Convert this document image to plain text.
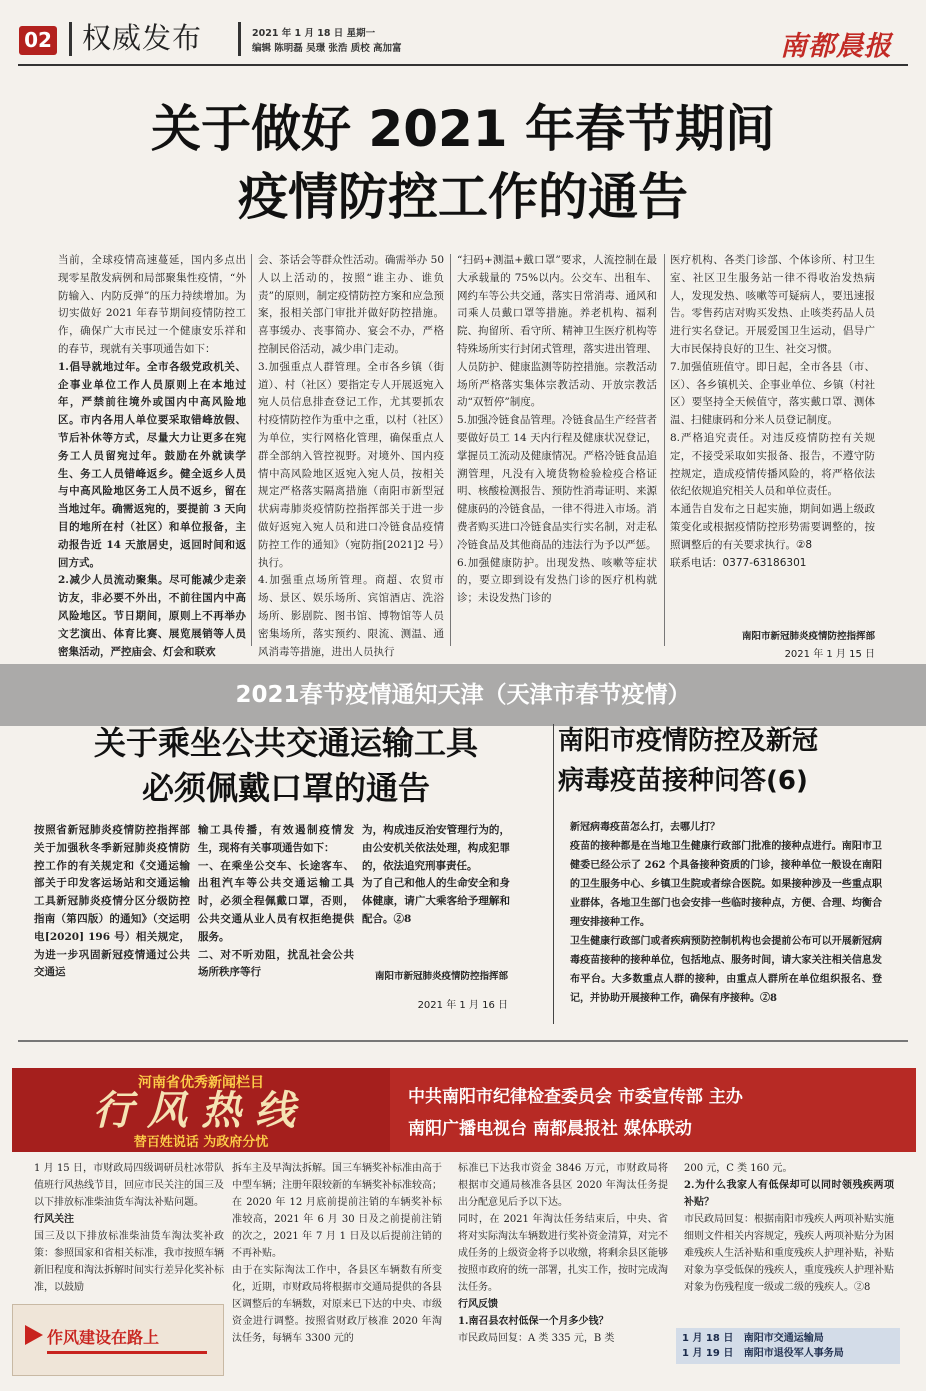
02 权威发布	2021 年 1 月 18 日 星期一
编辑 陈明磊 吴璟 张浩 质校 高加富	南都晨报
关于做好 2021 年春节期间
疫情防控工作的通告

当前，全球疫情高速蔓延，国内多点出现零星散发病例和局部聚集性疫情，“外防输入、内防反弹”的压力持续增加。为切实做好 2021 年春节期间疫情防控工作，确保广大市民过一个健康安乐祥和的春节，现就有关事项通告如下：

1.倡导就地过年。全市各级党政机关、企事业单位工作人员原则上在本地过年，严禁前往境外或国内中高风险地区。市内各用人单位要采取错峰放假、节后补休等方式，尽量大力让更多在宛务工人员留宛过年。鼓励在外就读学生、务工人员错峰返乡。健全返乡人员与中高风险地区务工人员不返乡，留在当地过年。确需返宛的，要提前 3 天向目的地所在村（社区）和单位报备，主动报告近 14 天旅居史，返回时间和返回方式。

2.减少人员流动聚集。尽可能减少走亲访友，非必要不外出，不前往国内中高风险地区。节日期间，原则上不再举办文艺演出、体育比赛、展览展销等人员密集活动，严控庙会、灯会和联欢

会、茶话会等群众性活动。确需举办 50 人以上活动的，按照“谁主办、谁负责”的原则，制定疫情防控方案和应急预案，报相关部门审批并做好防控措施。喜事缓办、丧事简办、宴会不办，严格控制民俗活动，减少串门走动。

3.加强重点人群管理。全市各乡镇（街道）、村（社区）要指定专人开展返宛入宛人员信息排查登记工作，尤其要抓农村疫情防控作为重中之重，以村（社区）为单位，实行网格化管理，确保重点人群全部纳入管控视野。对境外、国内疫情中高风险地区返宛入宛人员，按相关规定严格落实隔离措施（南阳市新型冠状病毒肺炎疫情防控指挥部关于进一步做好返宛入宛人员和进口冷链食品疫情防控工作的通知》（宛防指[2021]2 号）执行。

4.加强重点场所管理。商超、农贸市场、景区、娱乐场所、宾馆酒店、洗浴场所、影剧院、图书馆、博物馆等人员密集场所，落实预约、限流、测温、通风消毒等措施，进出人员执行

“扫码+测温+戴口罩”要求，人流控制在最大承载量的 75%以内。公交车、出租车、网约车等公共交通，落实日常消毒、通风和司乘人员戴口罩等措施。养老机构、福利院、拘留所、看守所、精神卫生医疗机构等特殊场所实行封闭式管理，落实进出管理、人员防护、健康监测等防控措施。宗教活动场所严格落实集体宗教活动、开放宗教活动“双暂停”制度。

5.加强冷链食品管理。冷链食品生产经营者要做好员工 14 天内行程及健康状况登记，掌握员工流动及健康情况。严格冷链食品追溯管理，凡没有入境货物检验检疫合格证明、核酸检测报告、预防性消毒证明、来源健康码的冷链食品，一律不得进入市场。消费者购买进口冷链食品实行实名制，对走私冷链食品及其他商品的违法行为予以严惩。

6.加强健康防护。出现发热、咳嗽等症状的，要立即到设有发热门诊的医疗机构就诊；未设发热门诊的

医疗机构、各类门诊部、个体诊所、村卫生室、社区卫生服务站一律不得收治发热病人，发现发热、咳嗽等可疑病人，要迅速报告。零售药店对购买发热、止咳类药品人员进行实名登记。开展爱国卫生运动，倡导广大市民保持良好的卫生、社交习惯。

7.加强值班值守。即日起，全市各县（市、区）、各乡镇机关、企事业单位、乡镇（村社区）要坚持全天候值守，落实戴口罩、测体温、扫健康码和分米人员登记制度。

8.严格追究责任。对违反疫情防控有关规定，不接受采取如实报备、报告，不遵守防控规定，造成疫情传播风险的，将严格依法依纪依规追究相关人员和单位责任。

本通告自发布之日起实施，期间如遇上级政策变化或根据疫情防控形势需要调整的，按照调整后的有关要求执行。②8

联系电话：0377-63186301

南阳市新冠肺炎疫情防控指挥部
2021 年 1 月 15 日
2021春节疫情通知天津（天津市春节疫情）
关于乘坐公共交通运输工具
必须佩戴口罩的通告

按照省新冠肺炎疫情防控指挥部关于加强秋冬季新冠肺炎疫情防控工作的有关规定和《交通运输部关于印发客运场站和交通运输工具新冠肺炎疫情分区分级防控指南（第四版）的通知》（交运明电[2020] 196 号）相关规定，为进一步巩固新冠疫情通过公共交通运

输工具传播，有效遏制疫情发生，现将有关事项通告如下：

一、在乘坐公交车、长途客车、出租汽车等公共交通运输工具时，必须全程佩戴口罩，否则，公共交通从业人员有权拒绝提供服务。

二、对不听劝阻，扰乱社会公共场所秩序等行

为，构成违反治安管理行为的，由公安机关依法处理，构成犯罪的，依法追究刑事责任。

为了自己和他人的生命安全和身体健康，请广大乘客给予理解和配合。②8

南阳市新冠肺炎疫情防控指挥部
2021 年 1 月 16 日
南阳市疫情防控及新冠
病毒疫苗接种问答(6)

新冠病毒疫苗怎么打，去哪儿打？

疫苗的接种都是在当地卫生健康行政部门批准的接种点进行。南阳市卫健委已经公示了 262 个具备接种资质的门诊，接种单位一般设在南阳的卫生服务中心、乡镇卫生院或者综合医院。如果接种涉及一些重点职业群体，各地卫生部门也会安排一些临时接种点，方便、合理、均衡合理安排接种工作。

卫生健康行政部门或者疾病预防控制机构也会提前公布可以开展新冠病毒疫苗接种的接种单位，包括地点、服务时间，请大家关注相关信息发布平台。大多数重点人群的接种，由重点人群所在单位组织报名、登记，并协助开展接种工作，确保有序接种。②8

河南省优秀新闻栏目
行风热线
替百姓说话 为政府分忧
中共南阳市纪律检查委员会 市委宣传部 主办
南阳广播电视台 南都晨报社 媒体联动

1 月 15 日，市财政局四级调研员杜冰带队值班行风热线节目，回应市民关注的国三及以下排放标准柴油货车淘汰补贴问题。

行风关注

国三及以下排放标准柴油货车淘汰奖补政策：参照国家和省相关标准，我市按照车辆新旧程度和淘汰拆解时间实行差异化奖补标准，以鼓励

作风建设在路上

拆车主及早淘汰拆解。国三车辆奖补标准由高于中型车辆；注册年限较新的车辆奖补标准较高；在 2020 年 12 月底前提前注销的车辆奖补标准较高，2021 年 6 月 30 日及之前提前注销的次之，2021 年 7 月 1 日及以后提前注销的不再补贴。

由于在实际淘汰工作中，各县区车辆数有所变化，近期，市财政局将根据市交通局提供的各县区调整后的车辆数，对原来已下达的中央、市级资金进行调整。按照省财政厅核准 2020 年淘汰任务，每辆车 3300 元的

标准已下达我市资金 3846 万元，市财政局将根据市交通局核准各县区 2020 年淘汰任务提出分配意见后予以下达。

同时，在 2021 年淘汰任务结束后，中央、省将对实际淘汰车辆数进行奖补资金清算，对完不成任务的上级资金将予以收缴，将剩余县区能够按照市政府的统一部署，扎实工作，按时完成淘汰任务。

行风反馈

1.南召县农村低保一个月多少钱？

市民政局回复：A 类 335 元，B 类

200 元，C 类 160 元。

2.为什么我家人有低保却可以同时领残疾两项补贴？

市民政局回复：根据南阳市残疾人两项补贴实施细则文件相关内容规定，残疾人两项补贴分为困难残疾人生活补贴和重度残疾人护理补贴，补贴对象为享受低保的残疾人，重度残疾人护理补贴对象为伤残程度一级或二级的残疾人。②8

1 月 18 日 南阳市交通运输局
1 月 19 日 南阳市退役军人事务局
